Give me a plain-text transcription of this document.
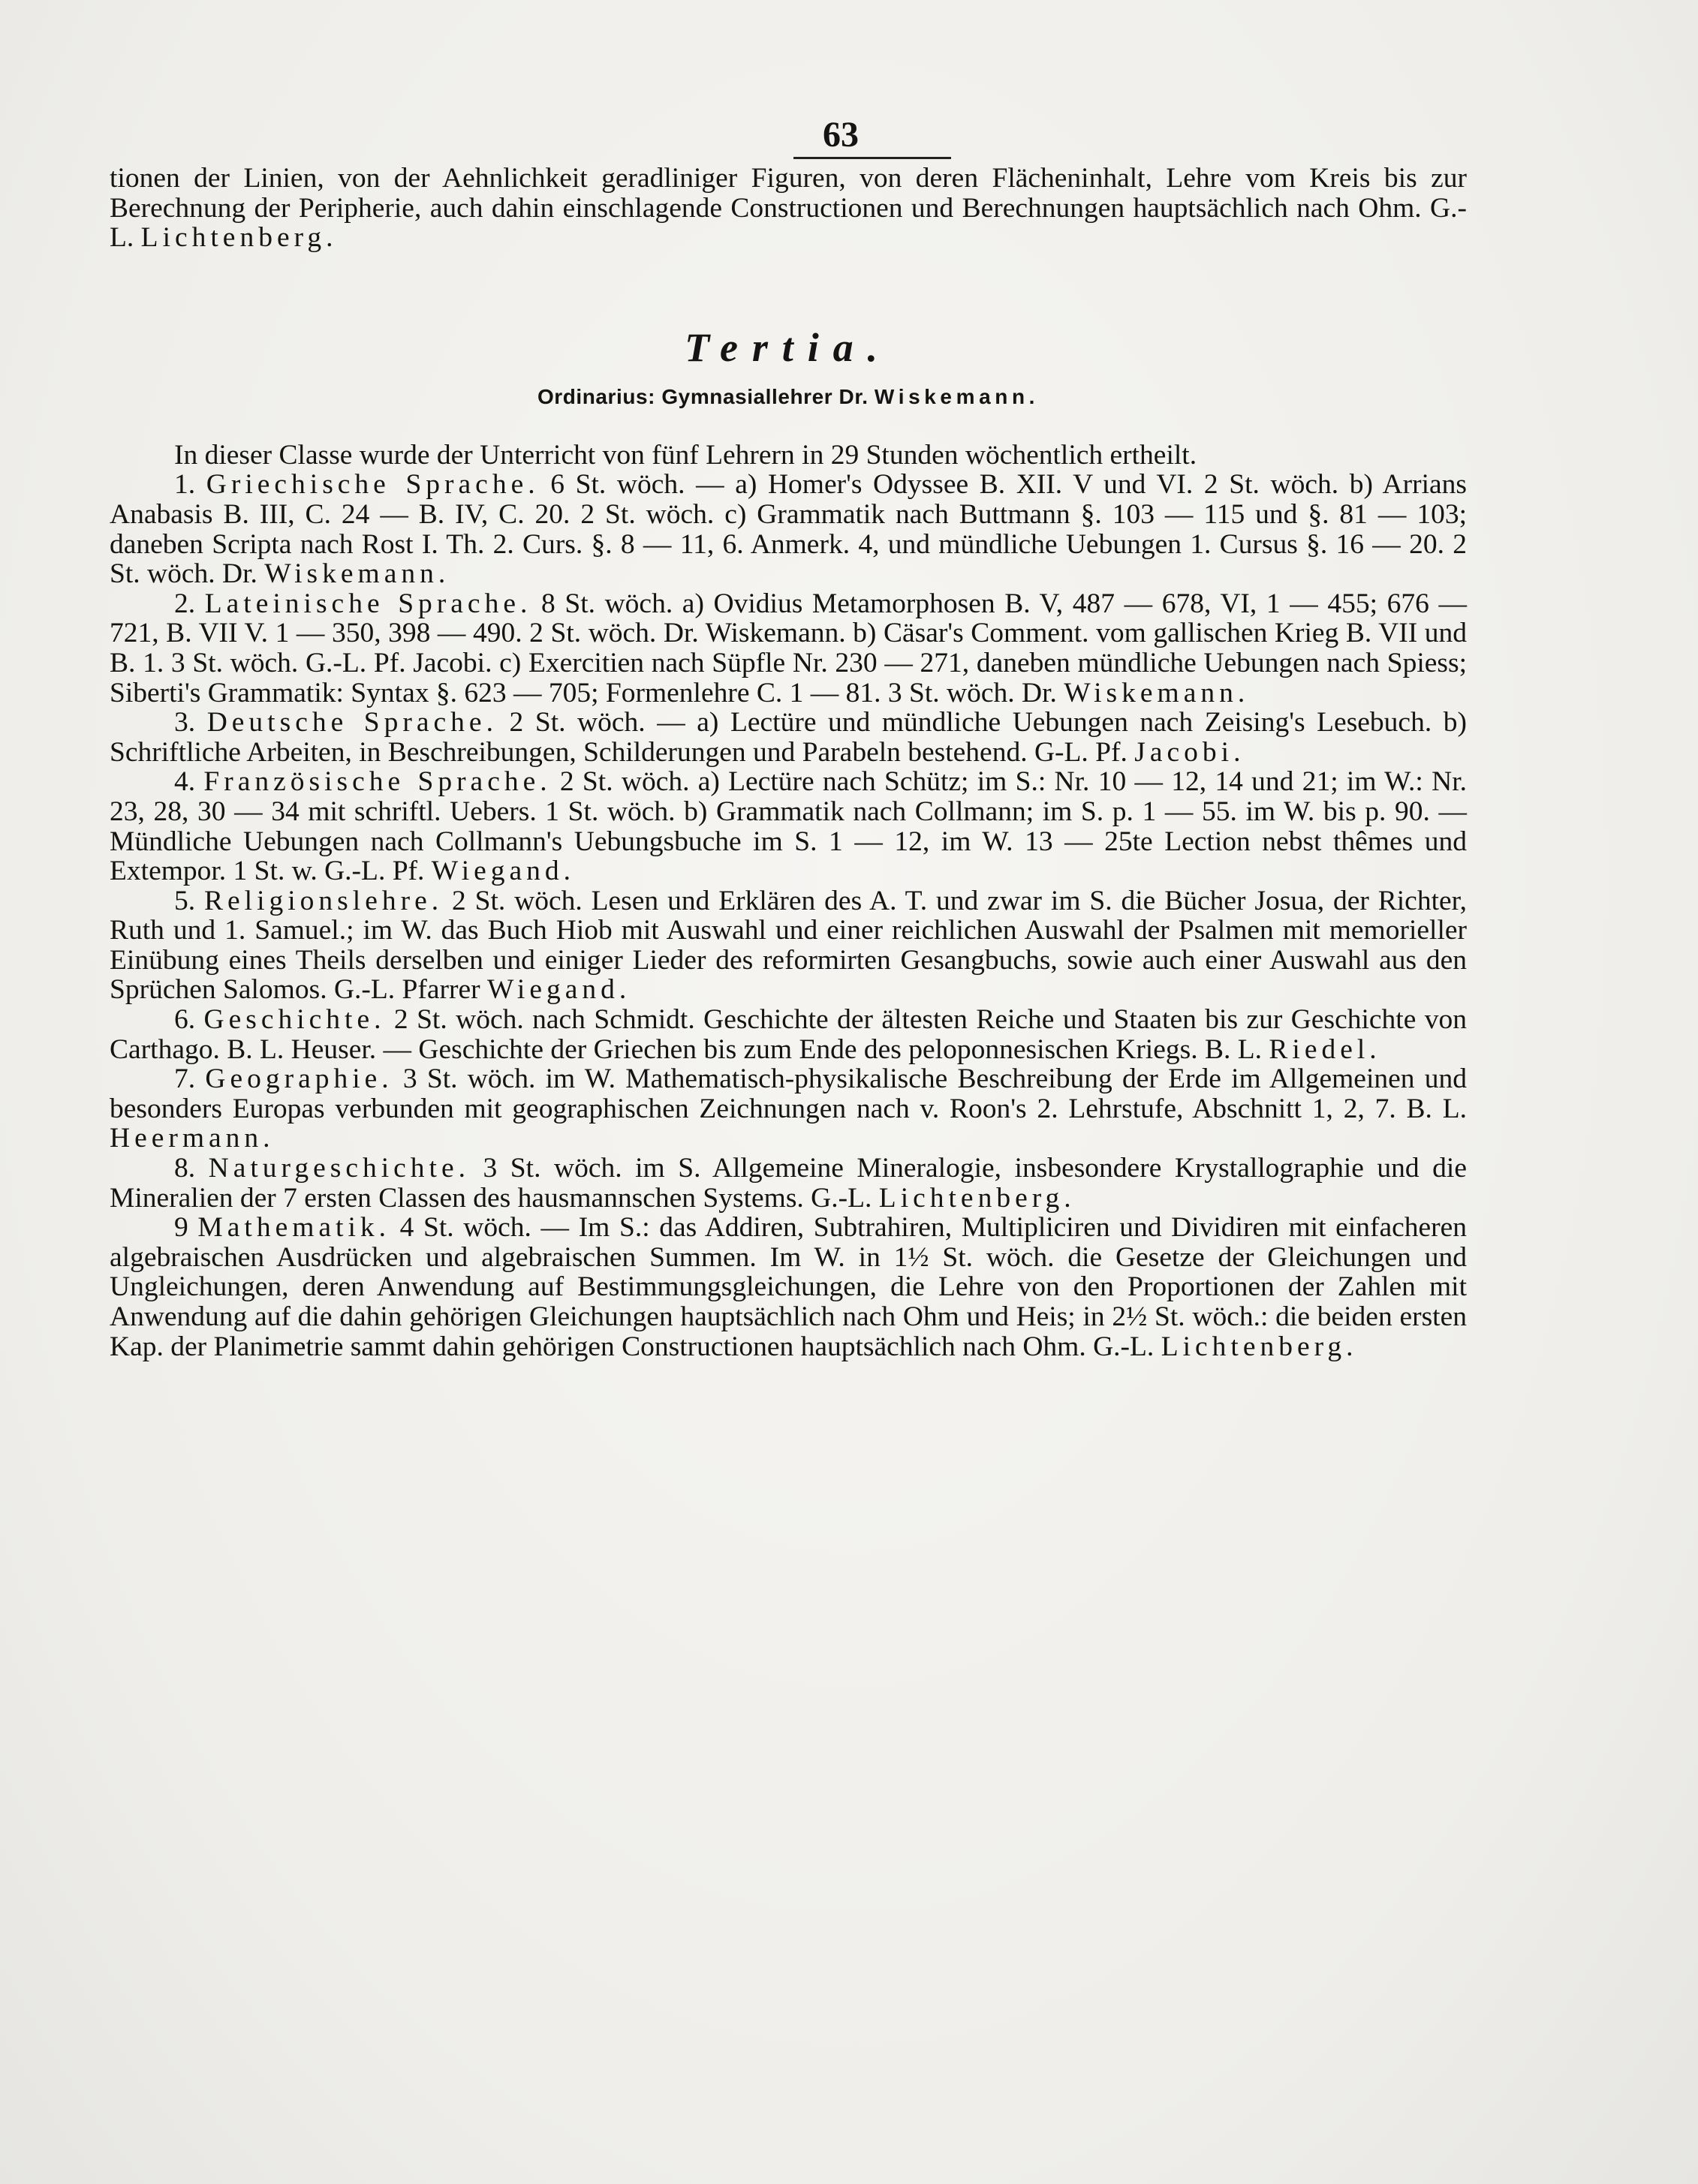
63

tionen der Linien, von der Aehnlichkeit geradliniger Figuren, von deren Flächeninhalt, Lehre vom Kreis bis zur Berechnung der Peripherie, auch dahin einschlagende Constructionen und Berechnungen hauptsächlich nach Ohm. G.-L. Lichtenberg.

Tertia.
Ordinarius: Gymnasiallehrer Dr. Wiskemann.

In dieser Classe wurde der Unterricht von fünf Lehrern in 29 Stunden wöchentlich ertheilt.

1. Griechische Sprache. 6 St. wöch. — a) Homer's Odyssee B. XII. V und VI. 2 St. wöch. b) Arrians Anabasis B. III, C. 24 — B. IV, C. 20. 2 St. wöch. c) Grammatik nach Buttmann §. 103 — 115 und §. 81 — 103; daneben Scripta nach Rost I. Th. 2. Curs. §. 8 — 11, 6. Anmerk. 4, und mündliche Uebungen 1. Cursus §. 16 — 20. 2 St. wöch. Dr. Wiskemann.

2. Lateinische Sprache. 8 St. wöch. a) Ovidius Metamorphosen B. V, 487 — 678, VI, 1 — 455; 676 — 721, B. VII V. 1 — 350, 398 — 490. 2 St. wöch. Dr. Wiskemann. b) Cäsar's Comment. vom gallischen Krieg B. VII und B. 1. 3 St. wöch. G.-L. Pf. Jacobi. c) Exercitien nach Süpfle Nr. 230 — 271, daneben mündliche Uebungen nach Spiess; Siberti's Grammatik: Syntax §. 623 — 705; Formenlehre C. 1 — 81. 3 St. wöch. Dr. Wiskemann.

3. Deutsche Sprache. 2 St. wöch. — a) Lectüre und mündliche Uebungen nach Zeising's Lesebuch. b) Schriftliche Arbeiten, in Beschreibungen, Schilderungen und Parabeln bestehend. G-L. Pf. Jacobi.

4. Französische Sprache. 2 St. wöch. a) Lectüre nach Schütz; im S.: Nr. 10 — 12, 14 und 21; im W.: Nr. 23, 28, 30 — 34 mit schriftl. Uebers. 1 St. wöch. b) Grammatik nach Collmann; im S. p. 1 — 55. im W. bis p. 90. — Mündliche Uebungen nach Collmann's Uebungsbuche im S. 1 — 12, im W. 13 — 25te Lection nebst thêmes und Extempor. 1 St. w. G.-L. Pf. Wiegand.

5. Religionslehre. 2 St. wöch. Lesen und Erklären des A. T. und zwar im S. die Bücher Josua, der Richter, Ruth und 1. Samuel.; im W. das Buch Hiob mit Auswahl und einer reichlichen Auswahl der Psalmen mit memorieller Einübung eines Theils derselben und einiger Lieder des reformirten Gesangbuchs, sowie auch einer Auswahl aus den Sprüchen Salomos. G.-L. Pfarrer Wiegand.

6. Geschichte. 2 St. wöch. nach Schmidt. Geschichte der ältesten Reiche und Staaten bis zur Geschichte von Carthago. B. L. Heuser. — Geschichte der Griechen bis zum Ende des peloponnesischen Kriegs. B. L. Riedel.

7. Geographie. 3 St. wöch. im W. Mathematisch-physikalische Beschreibung der Erde im Allgemeinen und besonders Europas verbunden mit geographischen Zeichnungen nach v. Roon's 2. Lehrstufe, Abschnitt 1, 2, 7. B. L. Heermann.

8. Naturgeschichte. 3 St. wöch. im S. Allgemeine Mineralogie, insbesondere Krystallographie und die Mineralien der 7 ersten Classen des hausmannschen Systems. G.-L. Lichtenberg.

9 Mathematik. 4 St. wöch. — Im S.: das Addiren, Subtrahiren, Multipliciren und Dividiren mit einfacheren algebraischen Ausdrücken und algebraischen Summen. Im W. in 1½ St. wöch. die Gesetze der Gleichungen und Ungleichungen, deren Anwendung auf Bestimmungsgleichungen, die Lehre von den Proportionen der Zahlen mit Anwendung auf die dahin gehörigen Gleichungen hauptsächlich nach Ohm und Heis; in 2½ St. wöch.: die beiden ersten Kap. der Planimetrie sammt dahin gehörigen Constructionen hauptsächlich nach Ohm. G.-L. Lichtenberg.
